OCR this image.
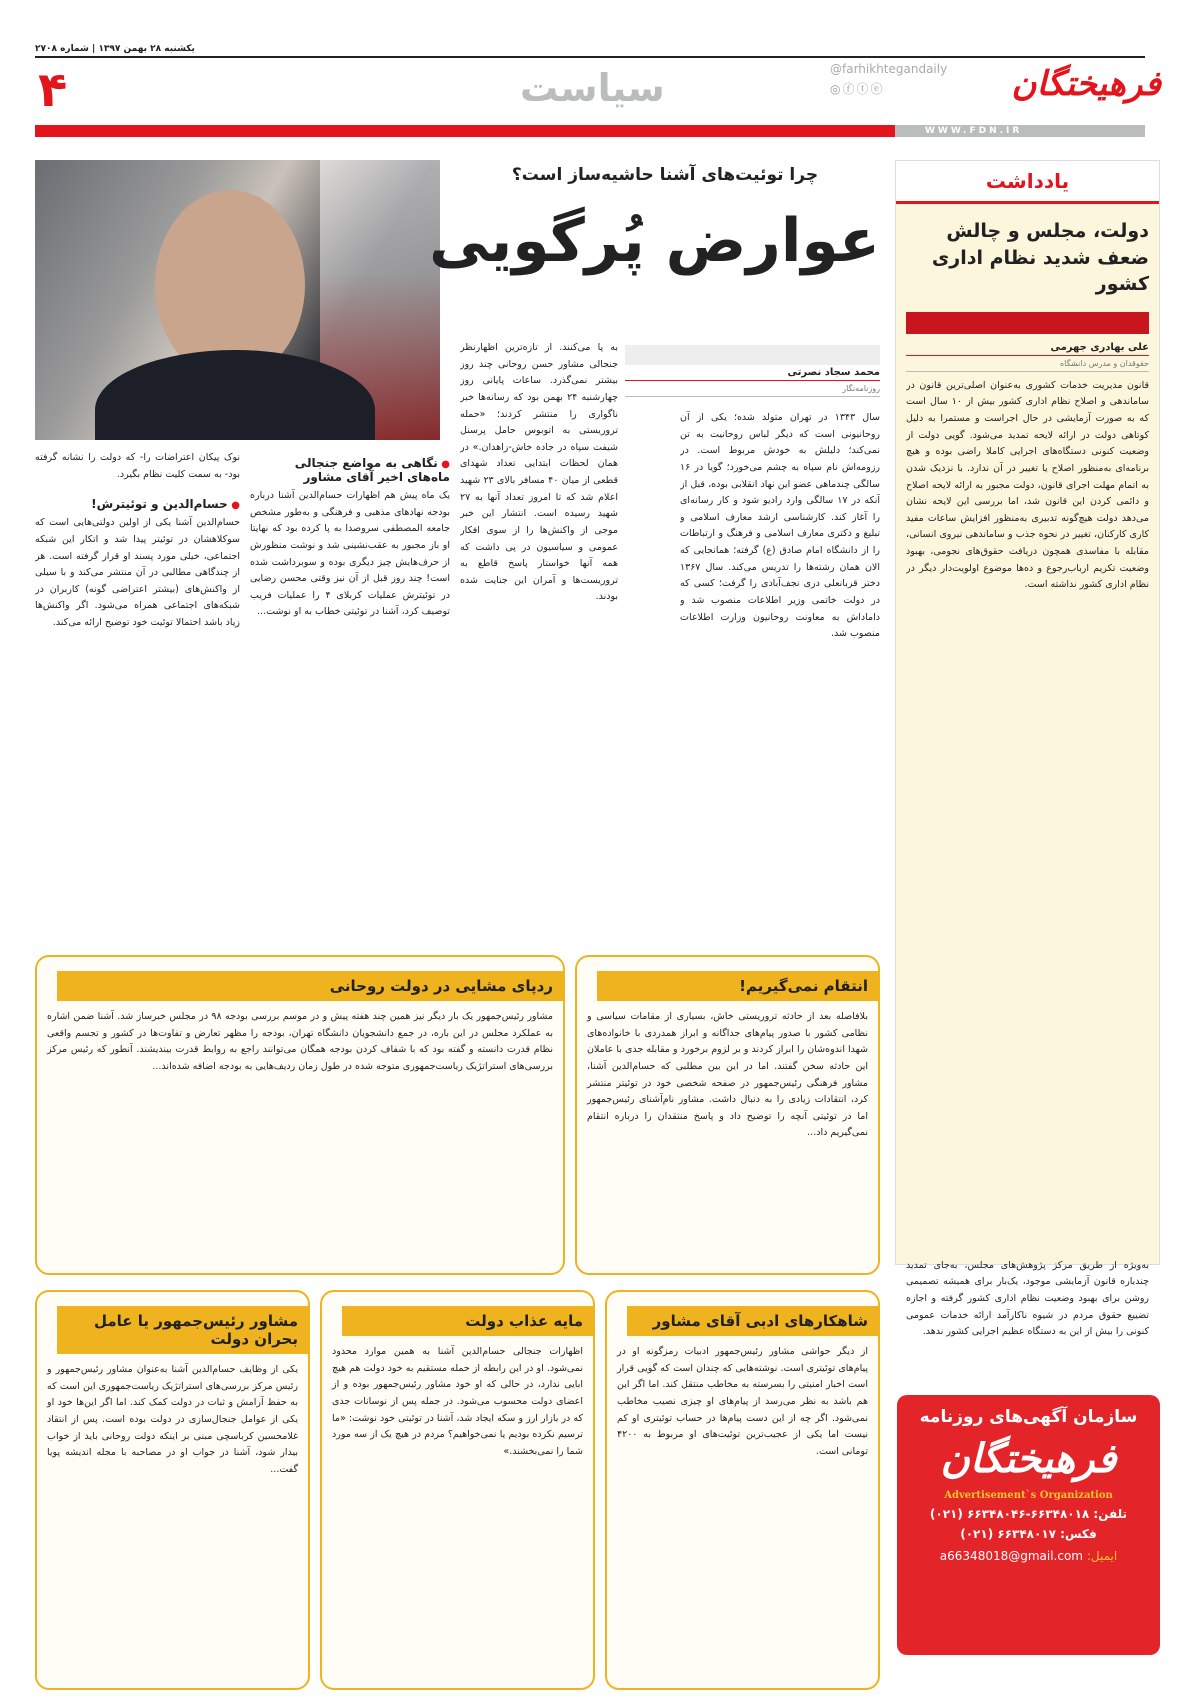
یکشنبه ۲۸ بهمن ۱۳۹۷ | شماره ۲۷۰۸
۴	سیاست	@farhikhtegandaily
◎ⓕⓣⓔ	فرهیختگان
WWW.FDN.IR
یادداشت
دولت، مجلس و چالش ضعف شدید نظام اداری کشور
علی بهادری جهرمی
حقوقدان و مدرس دانشگاه

قانون مدیریت خدمات کشوری به‌عنوان اصلی‌ترین قانون در ساماندهی و اصلاح نظام اداری کشور بیش از ۱۰ سال است که به صورت آزمایشی در حال اجراست و مستمرا به دلیل کوتاهی دولت در ارائه لایحه تمدید می‌شود. گویی دولت از وضعیت کنونی دستگاه‌های اجرایی کاملا راضی بوده و هیچ برنامه‌ای به‌منظور اصلاح یا تغییر در آن ندارد. با نزدیک شدن به اتمام مهلت اجرای قانون، دولت مجبور به ارائه لایحه اصلاح و دائمی کردن این قانون شد، اما بررسی این لایحه نشان می‌دهد دولت هیچ‌گونه تدبیری به‌منظور افزایش ساعات مفید کاری کارکنان، تغییر در نحوه جذب و ساماندهی نیروی انسانی، مقابله با مفاسدی همچون دریافت حقوق‌های نجومی، بهبود وضعیت تکریم ارباب‌رجوع و ده‌ها موضوع اولویت‌دار دیگر در نظام اداری کشور نداشته است.

به‌ویژه از طریق مرکز پژوهش‌های مجلس، به‌جای تمدید چندباره قانون آزمایشی موجود، یک‌بار برای همیشه تصمیمی روشن برای بهبود وضعیت نظام اداری کشور گرفته و اجازه تضییع حقوق مردم در شیوه ناکارآمد ارائه خدمات عمومی کنونی را بیش از این به دستگاه عظیم اجرایی کشور ندهد.

چرا توئیت‌های آشنا حاشیه‌ساز است؟
عوارض پُرگویی
محمد سجاد نصرتی
روزنامه‌نگار

سال ۱۳۴۳ در تهران متولد شده؛ یکی از آن روحانیونی است که دیگر لباس روحانیت به تن نمی‌کند؛ دلیلش به خودش مربوط است. در رزومه‌اش نام سپاه به چشم می‌خورد؛ گویا در ۱۶ سالگی چندماهی عضو این نهاد انقلابی بوده، قبل از آنکه در ۱۷ سالگی وارد رادیو شود و کار رسانه‌ای را آغاز کند. کارشناسی ارشد معارف اسلامی و تبلیغ و دکتری معارف اسلامی و فرهنگ و ارتباطات را از دانشگاه امام صادق (ع) گرفته؛ همانجایی که الان همان رشته‌ها را تدریس می‌کند. سال ۱۳۶۷ دختر قربانعلی دری نجف‌آبادی را گرفت؛ کسی که در دولت خاتمی وزیر اطلاعات منصوب شد و داماداش به معاونت روحانیون وزارت اطلاعات منصوب شد.

به پا می‌کنند. از تازه‌ترین اظهارنظر جنجالی مشاور حسن روحانی چند روز بیشتر نمی‌گذرد. ساعات پایانی روز چهارشنبه ۲۴ بهمن بود که رسانه‌ها خبر ناگواری را منتشر کردند؛ «حمله تروریستی به اتوبوس حامل پرسنل شیفت سپاه در جاده خاش-زاهدان.» در همان لحظات ابتدایی تعداد شهدای قطعی از میان ۴۰ مسافر بالای ۲۳ شهید اعلام شد که تا امروز تعداد آنها به ۲۷ شهید رسیده است. انتشار این خبر موجی از واکنش‌ها را از سوی افکار عمومی و سیاسیون در پی داشت که همه آنها خواستار پاسخ قاطع به تروریست‌ها و آمران این جنایت شده بودند.

● نگاهی به مواضع جنجالی ماه‌های اخیر آقای مشاور

یک ماه پیش هم اظهارات حسام‌الدین آشنا درباره بودجه نهادهای مذهبی و فرهنگی و به‌طور مشخص جامعه المصطفی سروصدا به پا کرده بود که نهایتا او باز مجبور به عقب‌نشینی شد و نوشت منظورش از حرف‌هایش چیز دیگری بوده و سوبرداشت شده است! چند روز قبل از آن نیز وقتی محسن رضایی در توئیترش عملیات کربلای ۴ را عملیات فریب توصیف کرد، آشنا در توئیتی خطاب به او نوشت...

نوک پیکان اعتراضات را- که دولت را نشانه گرفته بود- به سمت کلیت نظام بگیرد.

● حسام‌الدین و توئیترش!

حسام‌الدین آشنا یکی از اولین دولتی‌هایی است که سوکلاهشان در توئیتر پیدا شد و اتکار این شبکه اجتماعی، خیلی مورد پسند او قرار گرفته است. هر از چندگاهی مطالبی در آن منتشر می‌کند و با سیلی از واکنش‌های (بیشتر اعتراضی گونه) کاربران در شبکه‌های اجتماعی همراه می‌شود. اگر واکنش‌ها زیاد باشد احتمالا توئیت خود توضیح ارائه می‌کند.

انتقام نمی‌گیریم!

بلافاصله بعد از حادثه تروریستی خاش، بسیاری از مقامات سیاسی و نظامی کشور با صدور پیام‌های جداگانه و ابراز همدردی با خانواده‌های شهدا اندوه‌شان را ابراز کردند و بر لزوم برخورد و مقابله جدی با عاملان این حادثه سخن گفتند. اما در این بین مطلبی که حسام‌الدین آشنا، مشاور فرهنگی رئیس‌جمهور در صفحه شخصی خود در توئیتر منتشر کرد، انتقادات زیادی را به دنبال داشت. مشاور نام‌آشنای رئیس‌جمهور اما در توئیتی آنچه را توضیح داد و پاسخ منتقدان را درباره انتقام نمی‌گیریم داد...

ردپای مشایی در دولت روحانی

مشاور رئیس‌جمهور یک بار دیگر نیز همین چند هفته پیش و در موسم بررسی بودجه ۹۸ در مجلس خبرساز شد. آشنا ضمن اشاره به عملکرد مجلس در این باره، در جمع دانشجویان دانشگاه تهران، بودجه را مظهر تعارض و تفاوت‌ها در کشور و تجسم واقعی نظام قدرت دانسته و گفته بود که با شفاف کردن بودجه همگان می‌توانند راجع به روابط قدرت بیندیشند. آنطور که رئیس مرکز بررسی‌های استراتژیک ریاست‌جمهوری متوجه شده در طول زمان ردیف‌هایی به بودجه اضافه شده‌اند...

شاهکارهای ادبی آقای مشاور

از دیگر حواشی مشاور رئیس‌جمهور ادبیات رمزگونه او در پیام‌های توئیتری است. نوشته‌هایی که چندان است که گویی قرار است اخبار امنیتی را بسرسته به مخاطب منتقل کند. اما اگر این هم باشد به نظر می‌رسد از پیام‌های او چیزی نصیب مخاطب نمی‌شود. اگر چه از این دست پیام‌ها در حساب توئیتری او کم نیست اما یکی از عجیب‌ترین توئیت‌های او مربوط به ۴۲۰۰ تومانی است.

مایه عذاب دولت

اظهارات جنجالی حسام‌الدین آشنا به همین موارد محدود نمی‌شود. او در این رابطه از حمله مستقیم به خود دولت هم هیچ ابایی ندارد، در حالی که او خود مشاور رئیس‌جمهور بوده و از اعضای دولت محسوب می‌شود. در جمله پس از نوسانات جدی که در بازار ارز و سکه ایجاد شد، آشنا در توئیتی خود نوشت: «ما ترسیم نکرده بودیم یا نمی‌خواهیم؟ مردم در هیچ یک از سه مورد شما را نمی‌بخشند.»

مشاور رئیس‌جمهور یا عامل بحران دولت

یکی از وظایف حسام‌الدین آشنا به‌عنوان مشاور رئیس‌جمهور و رئیس مرکز بررسی‌های استراتژیک ریاست‌جمهوری این است که به حفظ آرامش و ثبات در دولت کمک کند. اما اگر این‌ها خود او یکی از عوامل جنجال‌سازی در دولت بوده است. پس از انتقاد غلامحسین کرباسچی مبنی بر اینکه دولت روحانی باید از خواب بیدار شود، آشنا در جواب او در مصاحبه با مجله اندیشه پویا گفت...

سازمان آگهی‌های روزنامه
فرهیختگان
Advertisement`s Organization
تلفن: ۶۶۳۴۸۰۱۸-۶۶۳۴۸۰۴۶ (۰۲۱)
فکس: ۶۶۳۴۸۰۱۷ (۰۲۱)
ایمیل: a66348018@gmail.com
